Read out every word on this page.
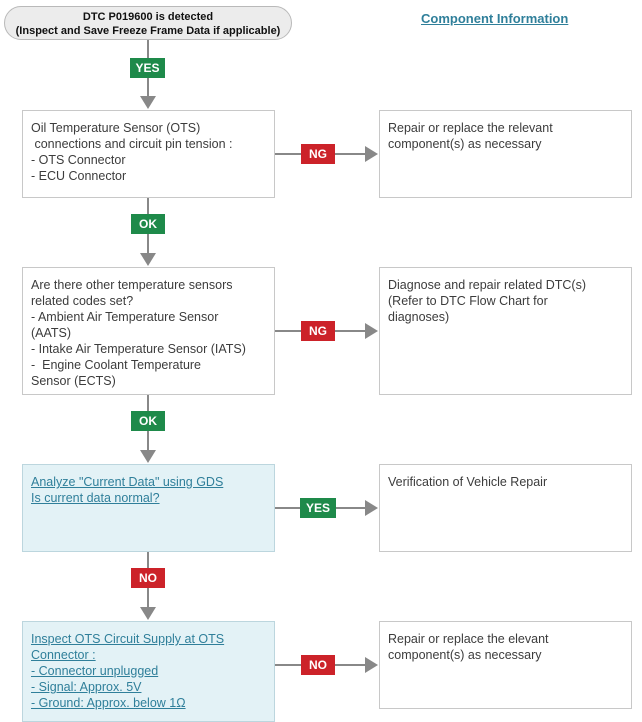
DTC P019600 is detected
(Inspect and Save Freeze Frame Data if applicable)
Component Information
YES
Oil Temperature Sensor (OTS)
connections and circuit pin tension :
- OTS Connector
- ECU Connector
NG
Repair or replace the relevant
component(s) as necessary
OK
Are there other temperature sensors
related codes set?
- Ambient Air Temperature Sensor
(AATS)
- Intake Air Temperature Sensor (IATS)
-  Engine Coolant Temperature
Sensor (ECTS)
NG
Diagnose and repair related DTC(s)
(Refer to DTC Flow Chart for
diagnoses)
OK
Analyze "Current Data" using GDS
Is current data normal?
YES
Verification of Vehicle Repair
NO
Inspect OTS Circuit Supply at OTS
Connector :
- Connector unplugged
- Signal: Approx. 5V
- Ground: Approx. below 1Ω
NO
Repair or replace the elevant
component(s) as necessary
